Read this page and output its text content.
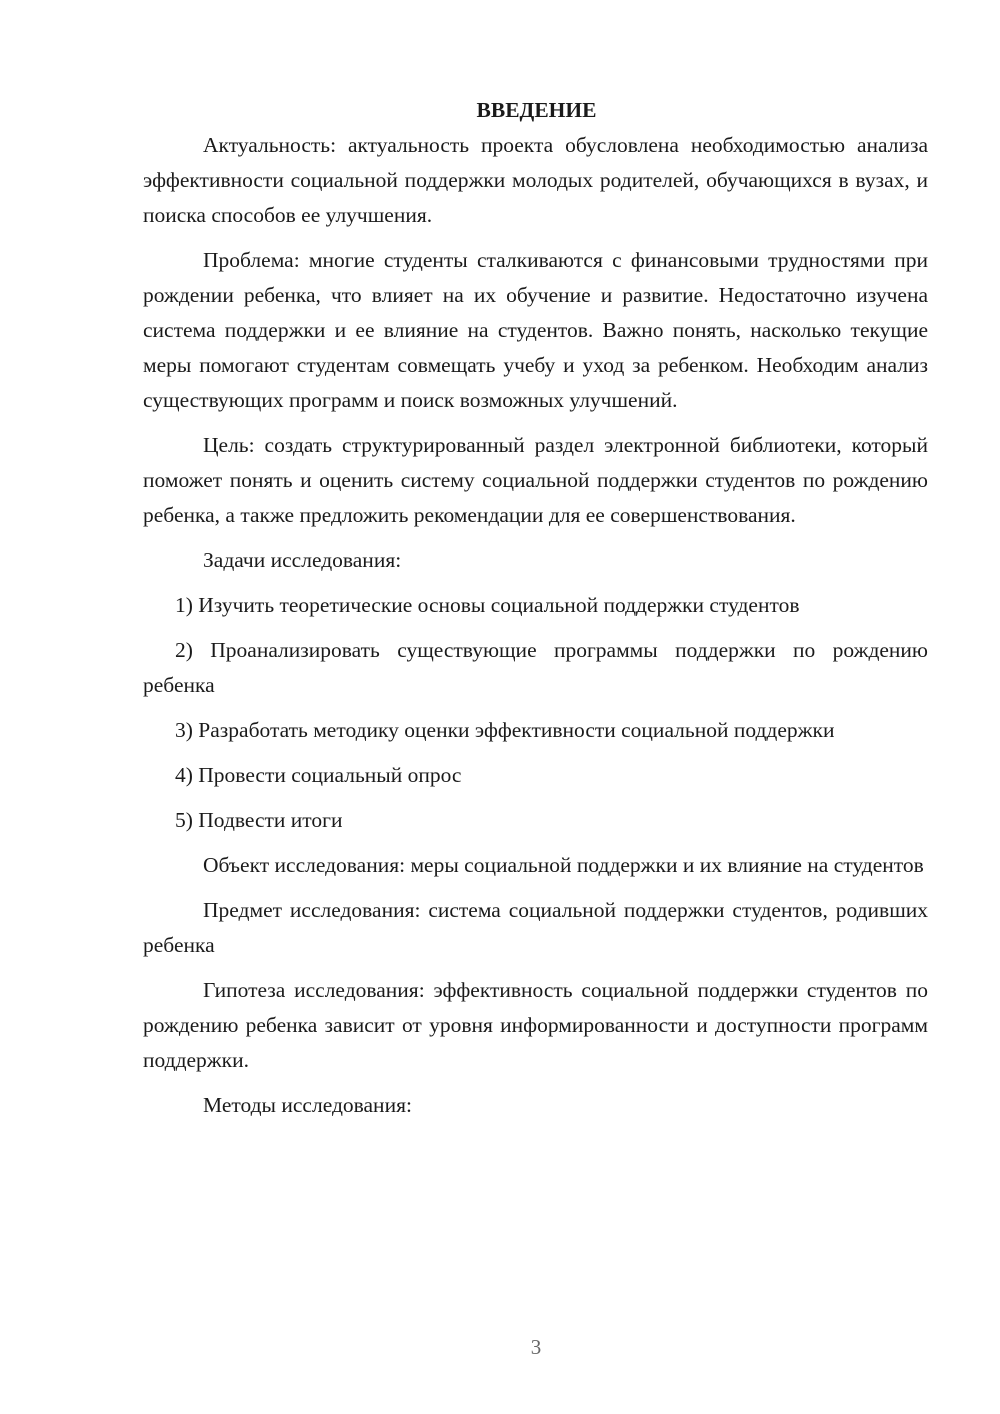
ВВЕДЕНИЕ

Актуальность: актуальность проекта обусловлена необходимостью анализа эффективности социальной поддержки молодых родителей, обучающихся в вузах, и поиска способов ее улучшения.

Проблема: многие студенты сталкиваются с финансовыми трудностями при рождении ребенка, что влияет на их обучение и развитие. Недостаточно изучена система поддержки и ее влияние на студентов. Важно понять, насколько текущие меры помогают студентам совмещать учебу и уход за ребенком. Необходим анализ существующих программ и поиск возможных улучшений.

Цель: создать структурированный раздел электронной библиотеки, который поможет понять и оценить систему социальной поддержки студентов по рождению ребенка, а также предложить рекомендации для ее совершенствования.

Задачи исследования:

1) Изучить теоретические основы социальной поддержки студентов

2) Проанализировать существующие программы поддержки по рождению ребенка

3) Разработать методику оценки эффективности социальной поддержки

4) Провести социальный опрос

5) Подвести итоги

Объект исследования: меры социальной поддержки и их влияние на студентов

Предмет исследования: система социальной поддержки студентов, родивших ребенка

Гипотеза исследования: эффективность социальной поддержки студентов по рождению ребенка зависит от уровня информированности и доступности программ поддержки.

Методы исследования:

3
